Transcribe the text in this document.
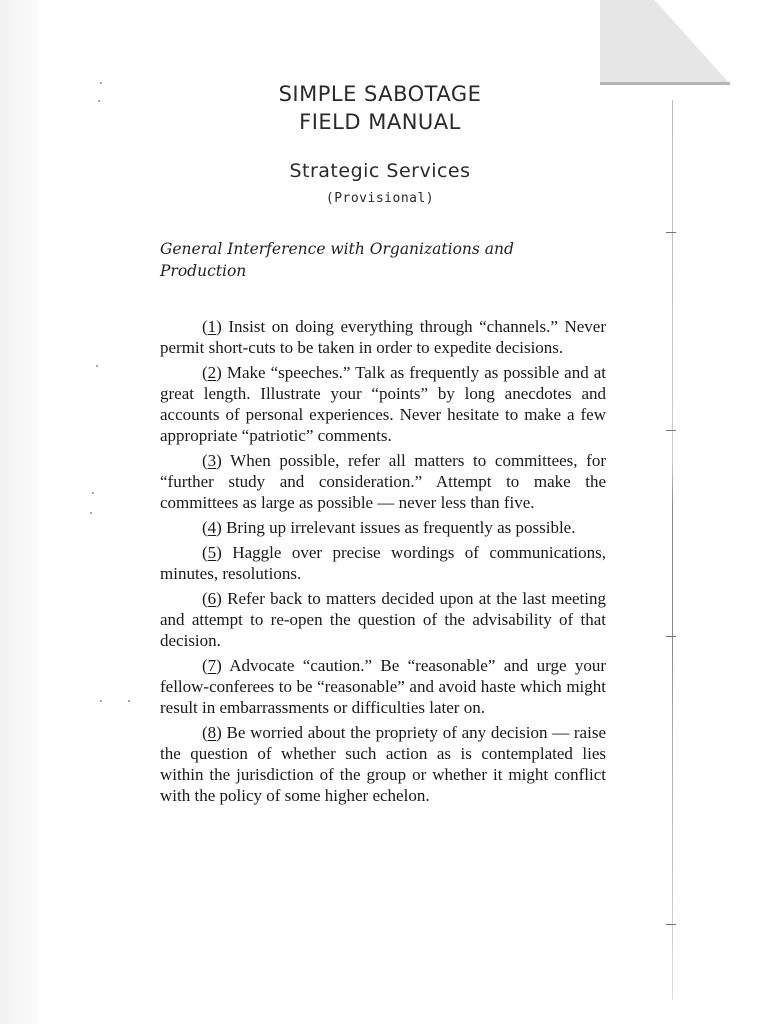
SIMPLE SABOTAGE
FIELD MANUAL
Strategic Services
(Provisional)
General Interference with Organizations and Production

(1) Insist on doing everything through “channels.” Never permit short-cuts to be taken in order to expedite decisions.

(2) Make “speeches.” Talk as frequently as possible and at great length. Illustrate your “points” by long anecdotes and accounts of personal experiences. Never hesitate to make a few appropriate “patriotic” comments.

(3) When possible, refer all matters to committees, for “further study and consideration.” Attempt to make the committees as large as possible — never less than five.

(4) Bring up irrelevant issues as frequently as possible.

(5) Haggle over precise wordings of communications, minutes, resolutions.

(6) Refer back to matters decided upon at the last meeting and attempt to re-open the question of the advisability of that decision.

(7) Advocate “caution.” Be “reasonable” and urge your fellow-conferees to be “reasonable” and avoid haste which might result in embarrassments or difficulties later on.

(8) Be worried about the propriety of any decision — raise the question of whether such action as is contemplated lies within the jurisdiction of the group or whether it might conflict with the policy of some higher echelon.
